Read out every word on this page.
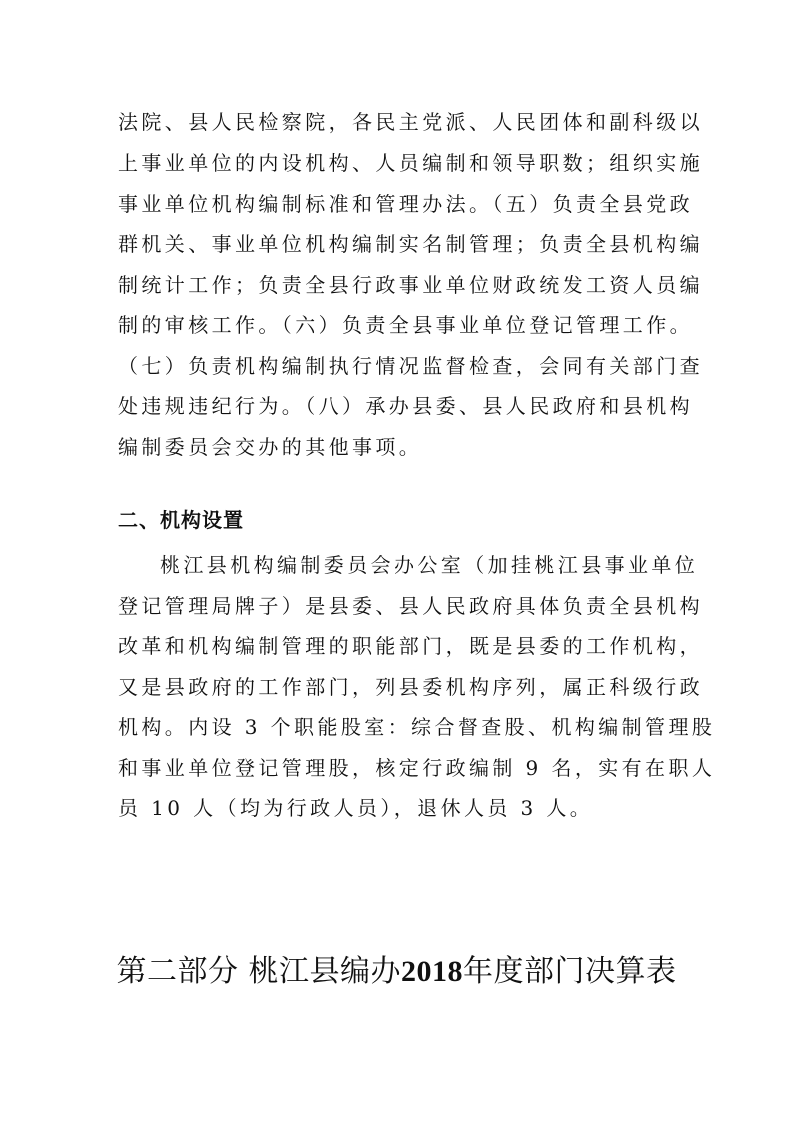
法院、县人民检察院，各民主党派、人民团体和副科级以
上事业单位的内设机构、人员编制和领导职数；组织实施
事业单位机构编制标准和管理办法。（五）负责全县党政
群机关、事业单位机构编制实名制管理；负责全县机构编
制统计工作；负责全县行政事业单位财政统发工资人员编
制的审核工作。（六）负责全县事业单位登记管理工作。
（七）负责机构编制执行情况监督检查，会同有关部门查
处违规违纪行为。（八）承办县委、县人民政府和县机构
编制委员会交办的其他事项。
二、机构设置
桃江县机构编制委员会办公室（加挂桃江县事业单位
登记管理局牌子）是县委、县人民政府具体负责全县机构
改革和机构编制管理的职能部门，既是县委的工作机构，
又是县政府的工作部门，列县委机构序列，属正科级行政
机构。内设 3 个职能股室：综合督查股、机构编制管理股
和事业单位登记管理股，核定行政编制 9 名，实有在职人
员 10 人（均为行政人员），退休人员 3 人。
第二部分 桃江县编办2018年度部门决算表
